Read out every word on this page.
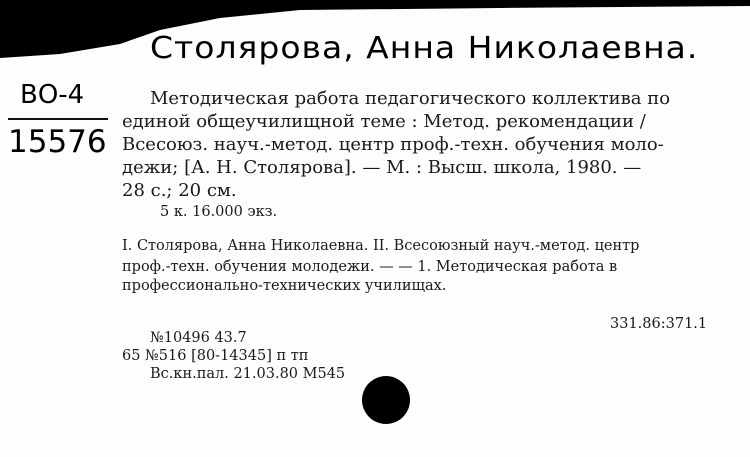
Столярова, Анна Николаевна.
ВО-4
15576
Методическая работа педагогического коллектива по
единой общеучилищной теме : Метод. рекомендации /
Всесоюз. науч.-метод. центр проф.-техн. обучения моло-
дежи; [А. Н. Столярова]. — М. : Высш. школа, 1980. —
28 с.; 20 см.
5 к. 16.000 экз.
I. Столярова, Анна Николаевна. II. Всесоюзный науч.-метод. центр
проф.-техн. обучения молодежи. — — 1. Методическая работа в
профессионально-технических училищах.
331.86:371.1
№10496 43.7
65 №516 [80-14345] п тп
Вс.кн.пал. 21.03.80 М545
